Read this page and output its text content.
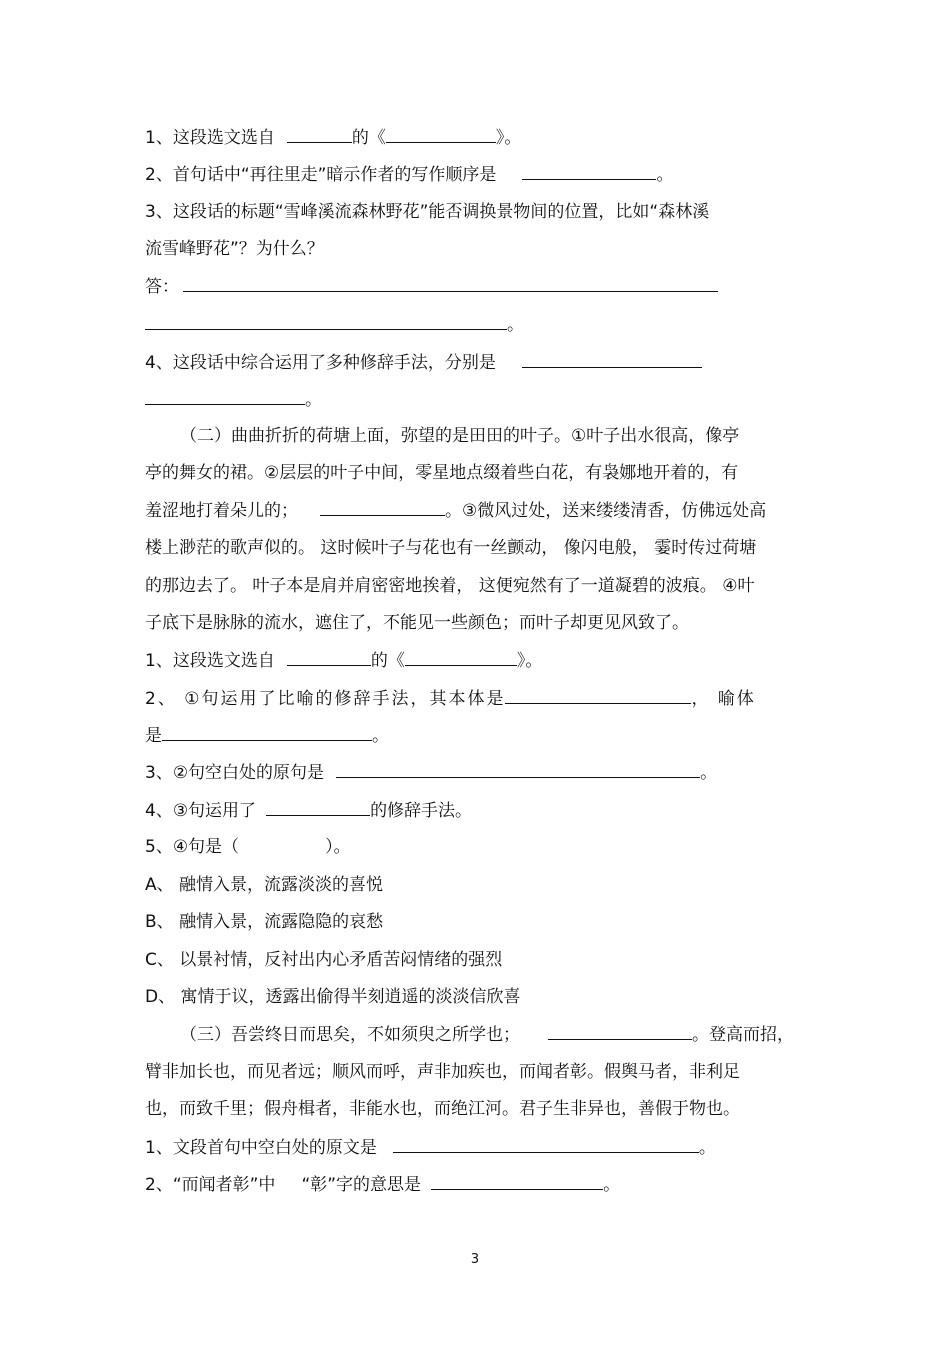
1、这段选文选自	的《	》。
2、首句话中“再往里走”暗示作者的写作顺序是	。
3、这段话的标题“雪峰溪流森林野花”能否调换景物间的位置，比如“森林溪
流雪峰野花”？为什么？
答：
。
4、这段话中综合运用了多种修辞手法，分别是
。
（二）曲曲折折的荷塘上面，弥望的是田田的叶子。①叶子出水很高，像亭
亭的舞女的裙。②层层的叶子中间，零星地点缀着些白花，有袅娜地开着的，有
羞涩地打着朵儿的；	。③微风过处，送来缕缕清香，仿佛远处高
楼上渺茫的歌声似的。 这时候叶子与花也有一丝颤动， 像闪电般， 霎时传过荷塘
的那边去了。 叶子本是肩并肩密密地挨着， 这便宛然有了一道凝碧的波痕。 ④叶
子底下是脉脉的流水，遮住了，不能见一些颜色；而叶子却更见风致了。
1、这段选文选自	的《	》。
2、 ①句运用了比喻的修辞手法，其本体是	， 喻体
是	。
3、②句空白处的原句是	。
4、③句运用了	的修辞手法。
5、④句是（	）。
A、 融情入景，流露淡淡的喜悦
B、 融情入景，流露隐隐的哀愁
C、 以景衬情，反衬出内心矛盾苦闷情绪的强烈
D、 寓情于议，透露出偷得半刻逍遥的淡淡信欣喜
（三）吾尝终日而思矣，不如须臾之所学也；	。登高而招，
臂非加长也，而见者远；顺风而呼，声非加疾也，而闻者彰。假舆马者，非利足
也，而致千里；假舟楫者，非能水也，而绝江河。君子生非异也，善假于物也。
1、文段首句中空白处的原文是	。
2、“而闻者彰”中 “彰”字的意思是	。
3
